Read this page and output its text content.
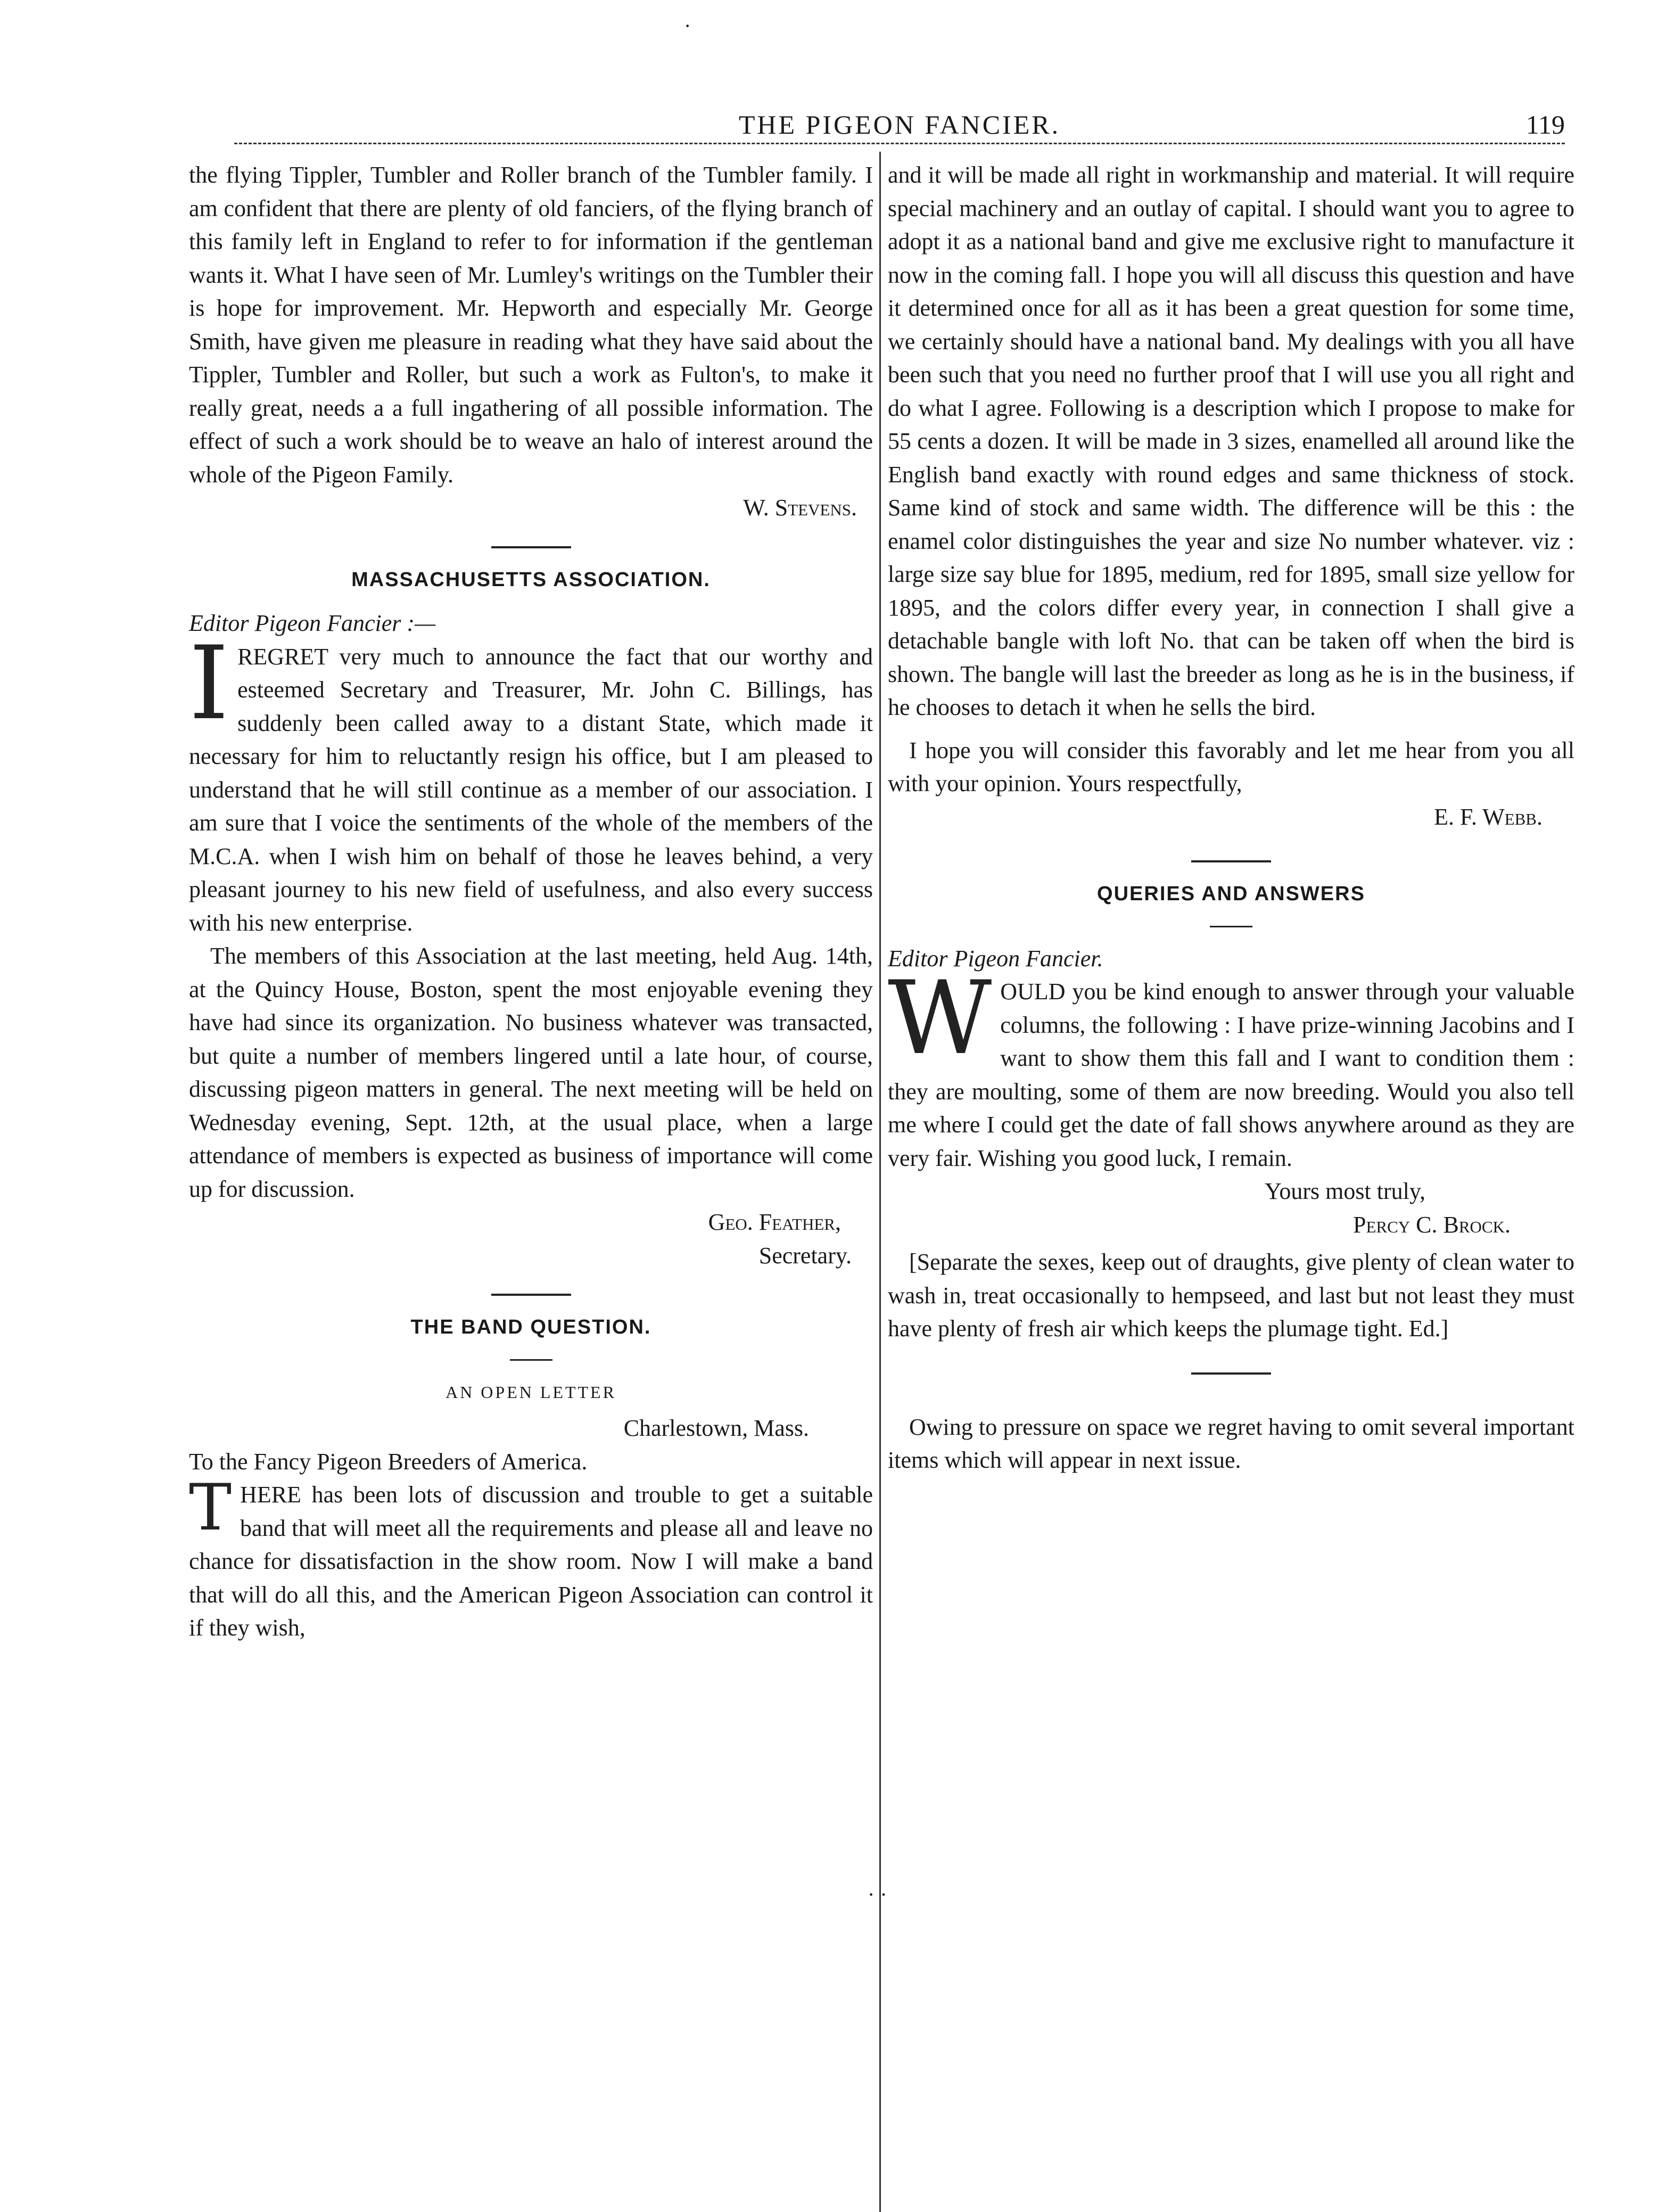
THE PIGEON FANCIER.	119

the flying Tippler, Tumbler and Roller branch of the Tumbler family. I am confident that there are plenty of old fanciers, of the flying branch of this family left in England to refer to for information if the gentleman wants it. What I have seen of Mr. Lumley's writings on the Tumbler their is hope for improvement. Mr. Hepworth and especially Mr. George Smith, have given me pleasure in reading what they have said about the Tippler, Tumbler and Roller, but such a work as Fulton's, to make it really great, needs a a full ingathering of all possible information. The effect of such a work should be to weave an halo of interest around the whole of the Pigeon Family.

W. Stevens.

MASSACHUSETTS ASSOCIATION.

Editor Pigeon Fancier :—

IREGRET very much to announce the fact that our worthy and esteemed Secretary and Treasurer, Mr. John C. Billings, has suddenly been called away to a distant State, which made it necessary for him to reluctantly resign his office, but I am pleased to understand that he will still continue as a member of our association. I am sure that I voice the sentiments of the whole of the members of the M.C.A. when I wish him on behalf of those he leaves behind, a very pleasant journey to his new field of usefulness, and also every success with his new enterprise.

The members of this Association at the last meeting, held Aug. 14th, at the Quincy House, Boston, spent the most enjoyable evening they have had since its organization. No business whatever was transacted, but quite a number of members lingered until a late hour, of course, discussing pigeon matters in general. The next meeting will be held on Wednesday evening, Sept. 12th, at the usual place, when a large attendance of members is expected as business of importance will come up for discussion.

Geo. Feather,

Secretary.

THE BAND QUESTION.
AN OPEN LETTER

Charlestown, Mass.

To the Fancy Pigeon Breeders of America.

THERE has been lots of discussion and trouble to get a suitable band that will meet all the requirements and please all and leave no chance for dissatisfaction in the show room. Now I will make a band that will do all this, and the American Pigeon Association can control it if they wish,

and it will be made all right in workmanship and material. It will require special machinery and an outlay of capital. I should want you to agree to adopt it as a national band and give me exclusive right to manufacture it now in the coming fall. I hope you will all discuss this question and have it determined once for all as it has been a great question for some time, we certainly should have a national band. My dealings with you all have been such that you need no further proof that I will use you all right and do what I agree. Following is a description which I propose to make for 55 cents a dozen. It will be made in 3 sizes, enamelled all around like the English band exactly with round edges and same thickness of stock. Same kind of stock and same width. The difference will be this : the enamel color distinguishes the year and size No number whatever. viz : large size say blue for 1895, medium, red for 1895, small size yellow for 1895, and the colors differ every year, in connection I shall give a detachable bangle with loft No. that can be taken off when the bird is shown. The bangle will last the breeder as long as he is in the business, if he chooses to detach it when he sells the bird.

I hope you will consider this favorably and let me hear from you all with your opinion. Yours respectfully,

E. F. Webb.

QUERIES AND ANSWERS

Editor Pigeon Fancier.

WOULD you be kind enough to answer through your valuable columns, the following : I have prize-winning Jacobins and I want to show them this fall and I want to condition them : they are moulting, some of them are now breeding. Would you also tell me where I could get the date of fall shows anywhere around as they are very fair. Wishing you good luck, I remain.

Yours most truly,

Percy C. Brock.

[Separate the sexes, keep out of draughts, give plenty of clean water to wash in, treat occasionally to hempseed, and last but not least they must have plenty of fresh air which keeps the plumage tight. Ed.]

Owing to pressure on space we regret having to omit several important items which will appear in next issue.

·
· ·
